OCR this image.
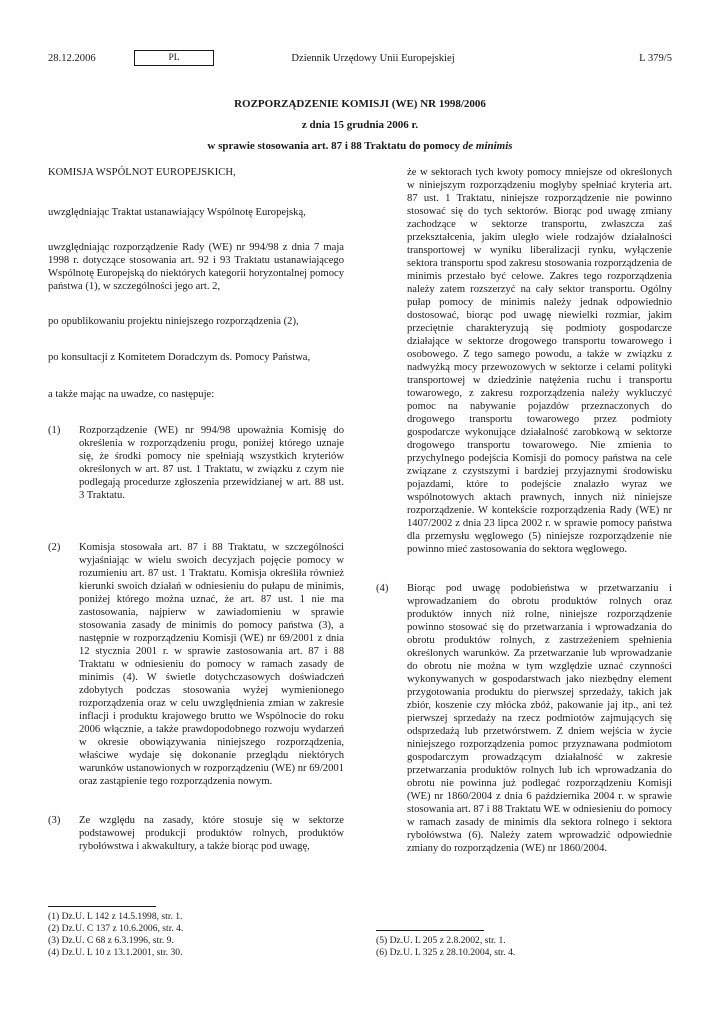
28.12.2006	PL	Dziennik Urzędowy Unii Europejskiej	L 379/5
ROZPORZĄDZENIE KOMISJI (WE) NR 1998/2006
z dnia 15 grudnia 2006 r.
w sprawie stosowania art. 87 i 88 Traktatu do pomocy de minimis

KOMISJA WSPÓLNOT EUROPEJSKICH,

uwzględniając Traktat ustanawiający Wspólnotę Europejską,

uwzględniając rozporządzenie Rady (WE) nr 994/98 z dnia 7 maja 1998 r. dotyczące stosowania art. 92 i 93 Traktatu ustanawiającego Wspólnotę Europejską do niektórych kategorii horyzontalnej pomocy państwa (1), w szczególności jego art. 2,

po opublikowaniu projektu niniejszego rozporządzenia (2),

po konsultacji z Komitetem Doradczym ds. Pomocy Państwa,

a także mając na uwadze, co następuje:

(1) Rozporządzenie (WE) nr 994/98 upoważnia Komisję do określenia w rozporządzeniu progu, poniżej którego uznaje się, że środki pomocy nie spełniają wszystkich kryteriów określonych w art. 87 ust. 1 Traktatu, w związku z czym nie podlegają procedurze zgłoszenia przewidzianej w art. 88 ust. 3 Traktatu.
(2) Komisja stosowała art. 87 i 88 Traktatu, w szczególności wyjaśniając w wielu swoich decyzjach pojęcie pomocy w rozumieniu art. 87 ust. 1 Traktatu. Komisja określiła również kierunki swoich działań w odniesieniu do pułapu de minimis, poniżej którego można uznać, że art. 87 ust. 1 nie ma zastosowania, najpierw w zawiadomieniu w sprawie stosowania zasady de minimis do pomocy państwa (3), a następnie w rozporządzeniu Komisji (WE) nr 69/2001 z dnia 12 stycznia 2001 r. w sprawie zastosowania art. 87 i 88 Traktatu w odniesieniu do pomocy w ramach zasady de minimis (4). W świetle dotychczasowych doświadczeń zdobytych podczas stosowania wyżej wymienionego rozporządzenia oraz w celu uwzględnienia zmian w zakresie inflacji i produktu krajowego brutto we Wspólnocie do roku 2006 włącznie, a także prawdopodobnego rozwoju wydarzeń w okresie obowiązywania niniejszego rozporządzenia, właściwe wydaje się dokonanie przeglądu niektórych warunków ustanowionych w rozporządzeniu (WE) nr 69/2001 oraz zastąpienie tego rozporządzenia nowym.
(3) Ze względu na zasady, które stosuje się w sektorze podstawowej produkcji produktów rolnych, produktów rybołówstwa i akwakultury, a także biorąc pod uwagę,
(1) Dz.U. L 142 z 14.5.1998, str. 1.
(2) Dz.U. C 137 z 10.6.2006, str. 4.
(3) Dz.U. C 68 z 6.3.1996, str. 9.
(4) Dz.U. L 10 z 13.1.2001, str. 30.
że w sektorach tych kwoty pomocy mniejsze od określonych w niniejszym rozporządzeniu mogłyby spełniać kryteria art. 87 ust. 1 Traktatu, niniejsze rozporządzenie nie powinno stosować się do tych sektorów. Biorąc pod uwagę zmiany zachodzące w sektorze transportu, zwłaszcza zaś przekształcenia, jakim uległo wiele rodzajów działalności transportowej w wyniku liberalizacji rynku, wyłączenie sektora transportu spod zakresu stosowania rozporządzenia de minimis przestało być celowe. Zakres tego rozporządzenia należy zatem rozszerzyć na cały sektor transportu. Ogólny pułap pomocy de minimis należy jednak odpowiednio dostosować, biorąc pod uwagę niewielki rozmiar, jakim przeciętnie charakteryzują się podmioty gospodarcze działające w sektorze drogowego transportu towarowego i osobowego. Z tego samego powodu, a także w związku z nadwyżką mocy przewozowych w sektorze i celami polityki transportowej w dziedzinie natężenia ruchu i transportu towarowego, z zakresu rozporządzenia należy wykluczyć pomoc na nabywanie pojazdów przeznaczonych do drogowego transportu towarowego przez podmioty gospodarcze wykonujące działalność zarobkową w sektorze drogowego transportu towarowego. Nie zmienia to przychylnego podejścia Komisji do pomocy państwa na cele związane z czystszymi i bardziej przyjaznymi środowisku pojazdami, które to podejście znalazło wyraz we wspólnotowych aktach prawnych, innych niż niniejsze rozporządzenie. W kontekście rozporządzenia Rady (WE) nr 1407/2002 z dnia 23 lipca 2002 r. w sprawie pomocy państwa dla przemysłu węglowego (5) niniejsze rozporządzenie nie powinno mieć zastosowania do sektora węglowego.
(4) Biorąc pod uwagę podobieństwa w przetwarzaniu i wprowadzaniem do obrotu produktów rolnych oraz produktów innych niż rolne, niniejsze rozporządzenie powinno stosować się do przetwarzania i wprowadzania do obrotu produktów rolnych, z zastrzeżeniem spełnienia określonych warunków. Za przetwarzanie lub wprowadzanie do obrotu nie można w tym względzie uznać czynności wykonywanych w gospodarstwach jako niezbędny element przygotowania produktu do pierwszej sprzedaży, takich jak zbiór, koszenie czy młócka zbóż, pakowanie jaj itp., ani też pierwszej sprzedaży na rzecz podmiotów zajmujących się odsprzedażą lub przetwórstwem. Z dniem wejścia w życie niniejszego rozporządzenia pomoc przyznawana podmiotom gospodarczym prowadzącym działalność w zakresie przetwarzania produktów rolnych lub ich wprowadzania do obrotu nie powinna już podlegać rozporządzeniu Komisji (WE) nr 1860/2004 z dnia 6 października 2004 r. w sprawie stosowania art. 87 i 88 Traktatu WE w odniesieniu do pomocy w ramach zasady de minimis dla sektora rolnego i sektora rybołówstwa (6). Należy zatem wprowadzić odpowiednie zmiany do rozporządzenia (WE) nr 1860/2004.
(5) Dz.U. L 205 z 2.8.2002, str. 1.
(6) Dz.U. L 325 z 28.10.2004, str. 4.
